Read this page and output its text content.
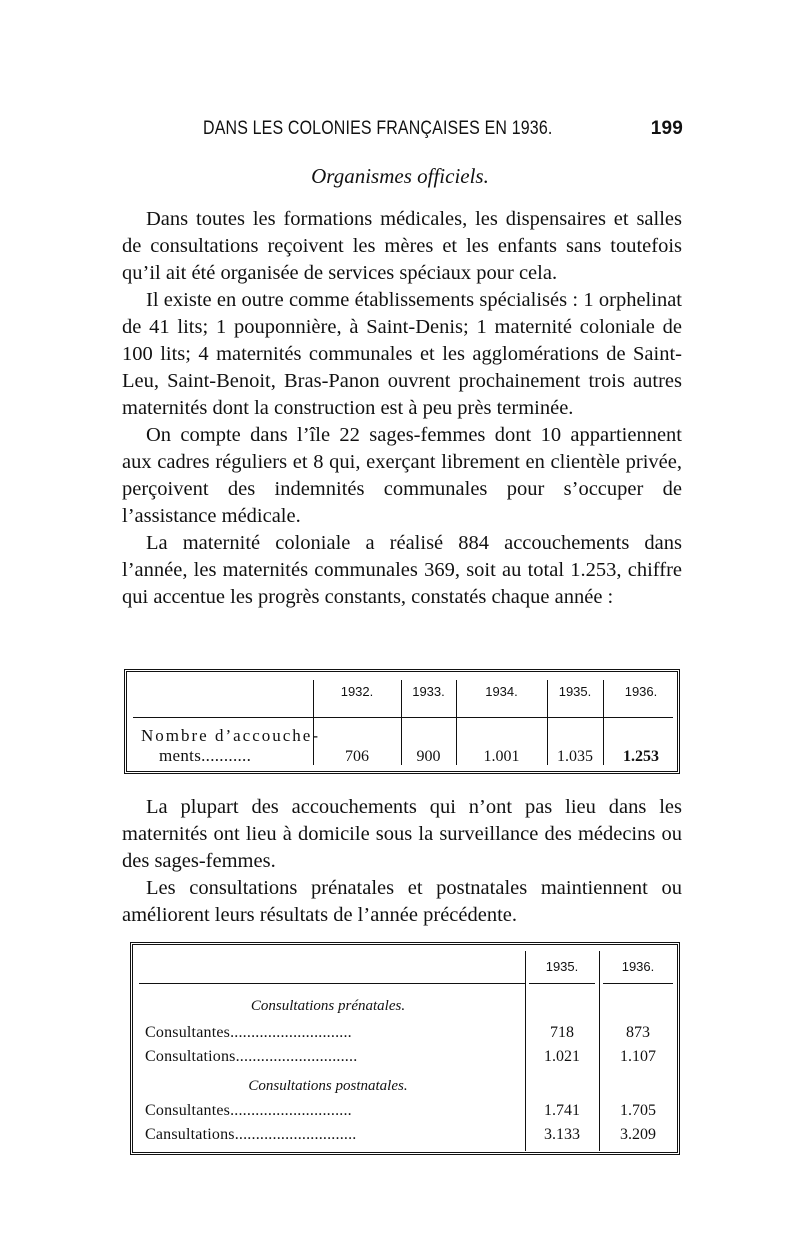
DANS LES COLONIES FRANÇAISES EN 1936.	199
Organismes officiels.

Dans toutes les formations médicales, les dispensaires et salles de consultations reçoivent les mères et les enfants sans toutefois qu’il ait été organisée de services spéciaux pour cela.

Il existe en outre comme établissements spécialisés : 1 orphelinat de 41 lits; 1 pouponnière, à Saint-Denis; 1 maternité coloniale de 100 lits; 4 maternités communales et les agglomérations de Saint-Leu, Saint-Benoit, Bras-Panon ouvrent prochainement trois autres maternités dont la construction est à peu près terminée.

On compte dans l’île 22 sages-femmes dont 10 appartiennent aux cadres réguliers et 8 qui, exerçant librement en clientèle privée, perçoivent des indemnités communales pour s’occuper de l’assistance médicale.

La maternité coloniale a réalisé 884 accouchements dans l’année, les maternités communales 369, soit au total 1.253, chiffre qui accentue les progrès constants, constatés chaque année :

1932.	1933.	1934.	1935.	1936.
Nombre d’accouche-
ments...........	706	900	1.001	1.035	1.253

La plupart des accouchements qui n’ont pas lieu dans les maternités ont lieu à domicile sous la surveillance des médecins ou des sages-femmes.

Les consultations prénatales et postnatales maintiennent ou améliorent leurs résultats de l’année précédente.

1935.	1936.
Consultations prénatales.
Consultantes.............................	718	873
Consultations.............................	1.021	1.107
Consultations postnatales.
Consultantes.............................	1.741	1.705
Cansultations.............................	3.133	3.209
